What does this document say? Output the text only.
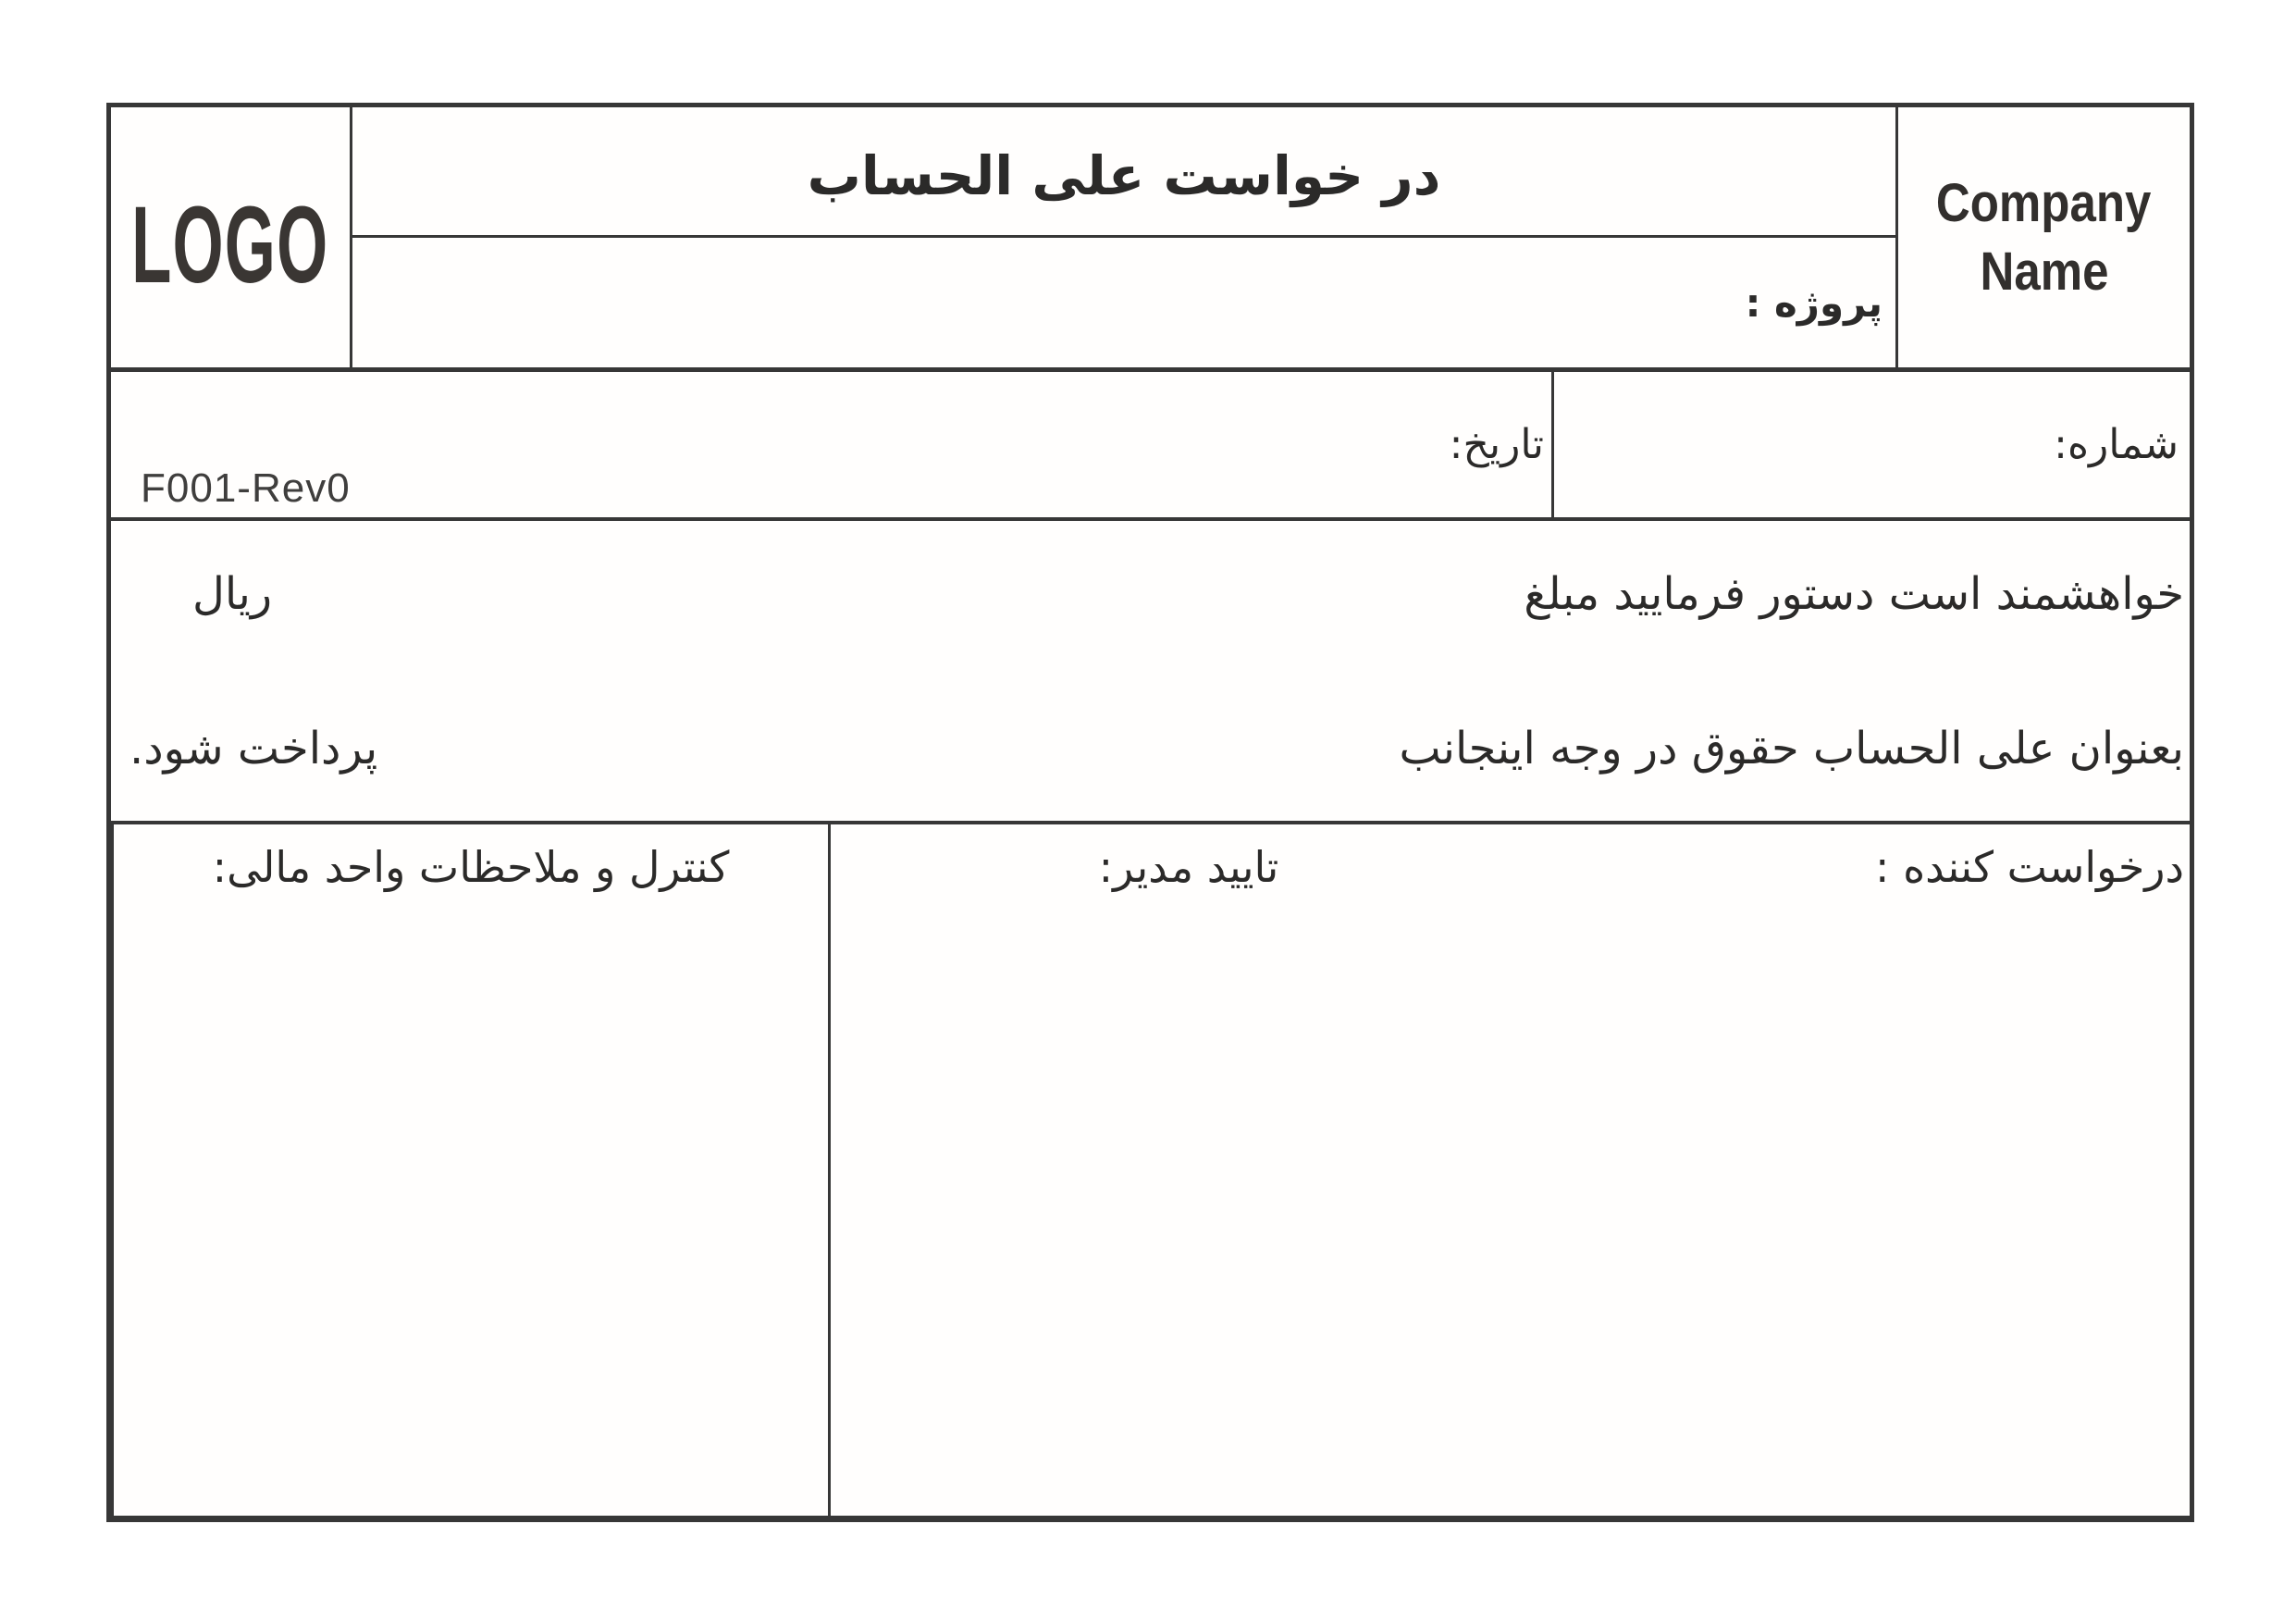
LOGO
در خواست علی الحساب
پروژه :
Company
Name
تاریخ:
F001-Rev0
شماره:
خواهشمند است دستور فرمایید مبلغ
ریال
بعنوان علی الحساب حقوق در وجه اینجانب
پرداخت شود.
کنترل و ملاحظات واحد مالی:	تایید مدیر:	درخواست کننده :
